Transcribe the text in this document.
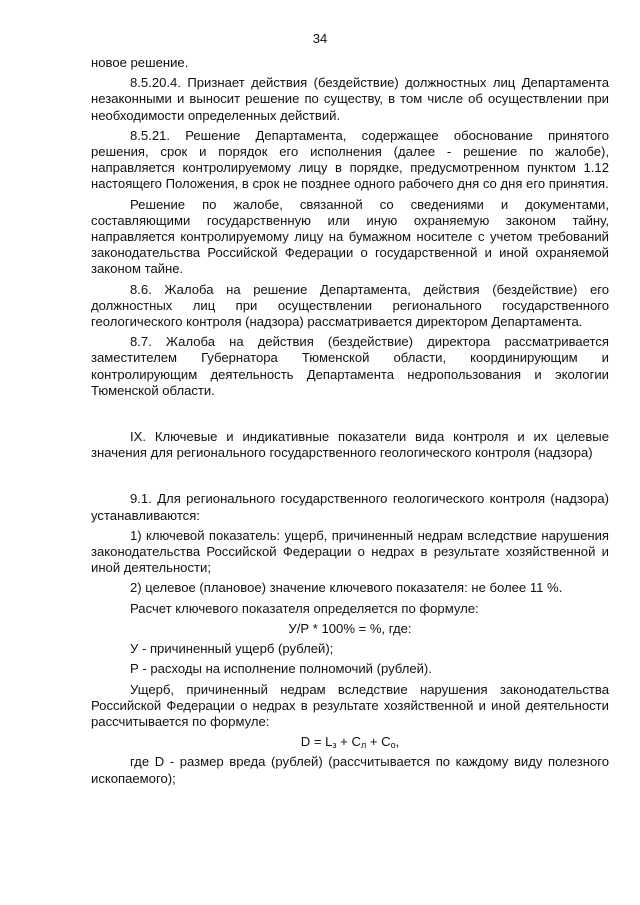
34

новое решение.

8.5.20.4. Признает действия (бездействие) должностных лиц Департамента незаконными и выносит решение по существу, в том числе об осуществлении при необходимости определенных действий.

8.5.21. Решение Департамента, содержащее обоснование принятого решения, срок и порядок его исполнения (далее - решение по жалобе), направляется контролируемому лицу в порядке, предусмотренном пунктом 1.12 настоящего Положения, в срок не позднее одного рабочего дня со дня его принятия.

Решение по жалобе, связанной со сведениями и документами, составляющими государственную или иную охраняемую законом тайну, направляется контролируемому лицу на бумажном носителе с учетом требований законодательства Российской Федерации о государственной и иной охраняемой законом тайне.

8.6. Жалоба на решение Департамента, действия (бездействие) его должностных лиц при осуществлении регионального государственного геологического контроля (надзора) рассматривается директором Департамента.

8.7. Жалоба на действия (бездействие) директора рассматривается заместителем Губернатора Тюменской области, координирующим и контролирующим деятельность Департамента недропользования и экологии Тюменской области.

IX. Ключевые и индикативные показатели вида контроля и их целевые значения для регионального государственного геологического контроля (надзора)

9.1. Для регионального государственного геологического контроля (надзора) устанавливаются:

1) ключевой показатель: ущерб, причиненный недрам вследствие нарушения законодательства Российской Федерации о недрах в результате хозяйственной и иной деятельности;

2) целевое (плановое) значение ключевого показателя: не более 11 %.

Расчет ключевого показателя определяется по формуле:

У/Р * 100% = %, где:

У - причиненный ущерб (рублей);

Р - расходы на исполнение полномочий (рублей).

Ущерб, причиненный недрам вследствие нарушения законодательства Российской Федерации о недрах в результате хозяйственной и иной деятельности рассчитывается по формуле:

$D = L_з + C_л + C_о$,

где D - размер вреда (рублей) (рассчитывается по каждому виду полезного ископаемого);
